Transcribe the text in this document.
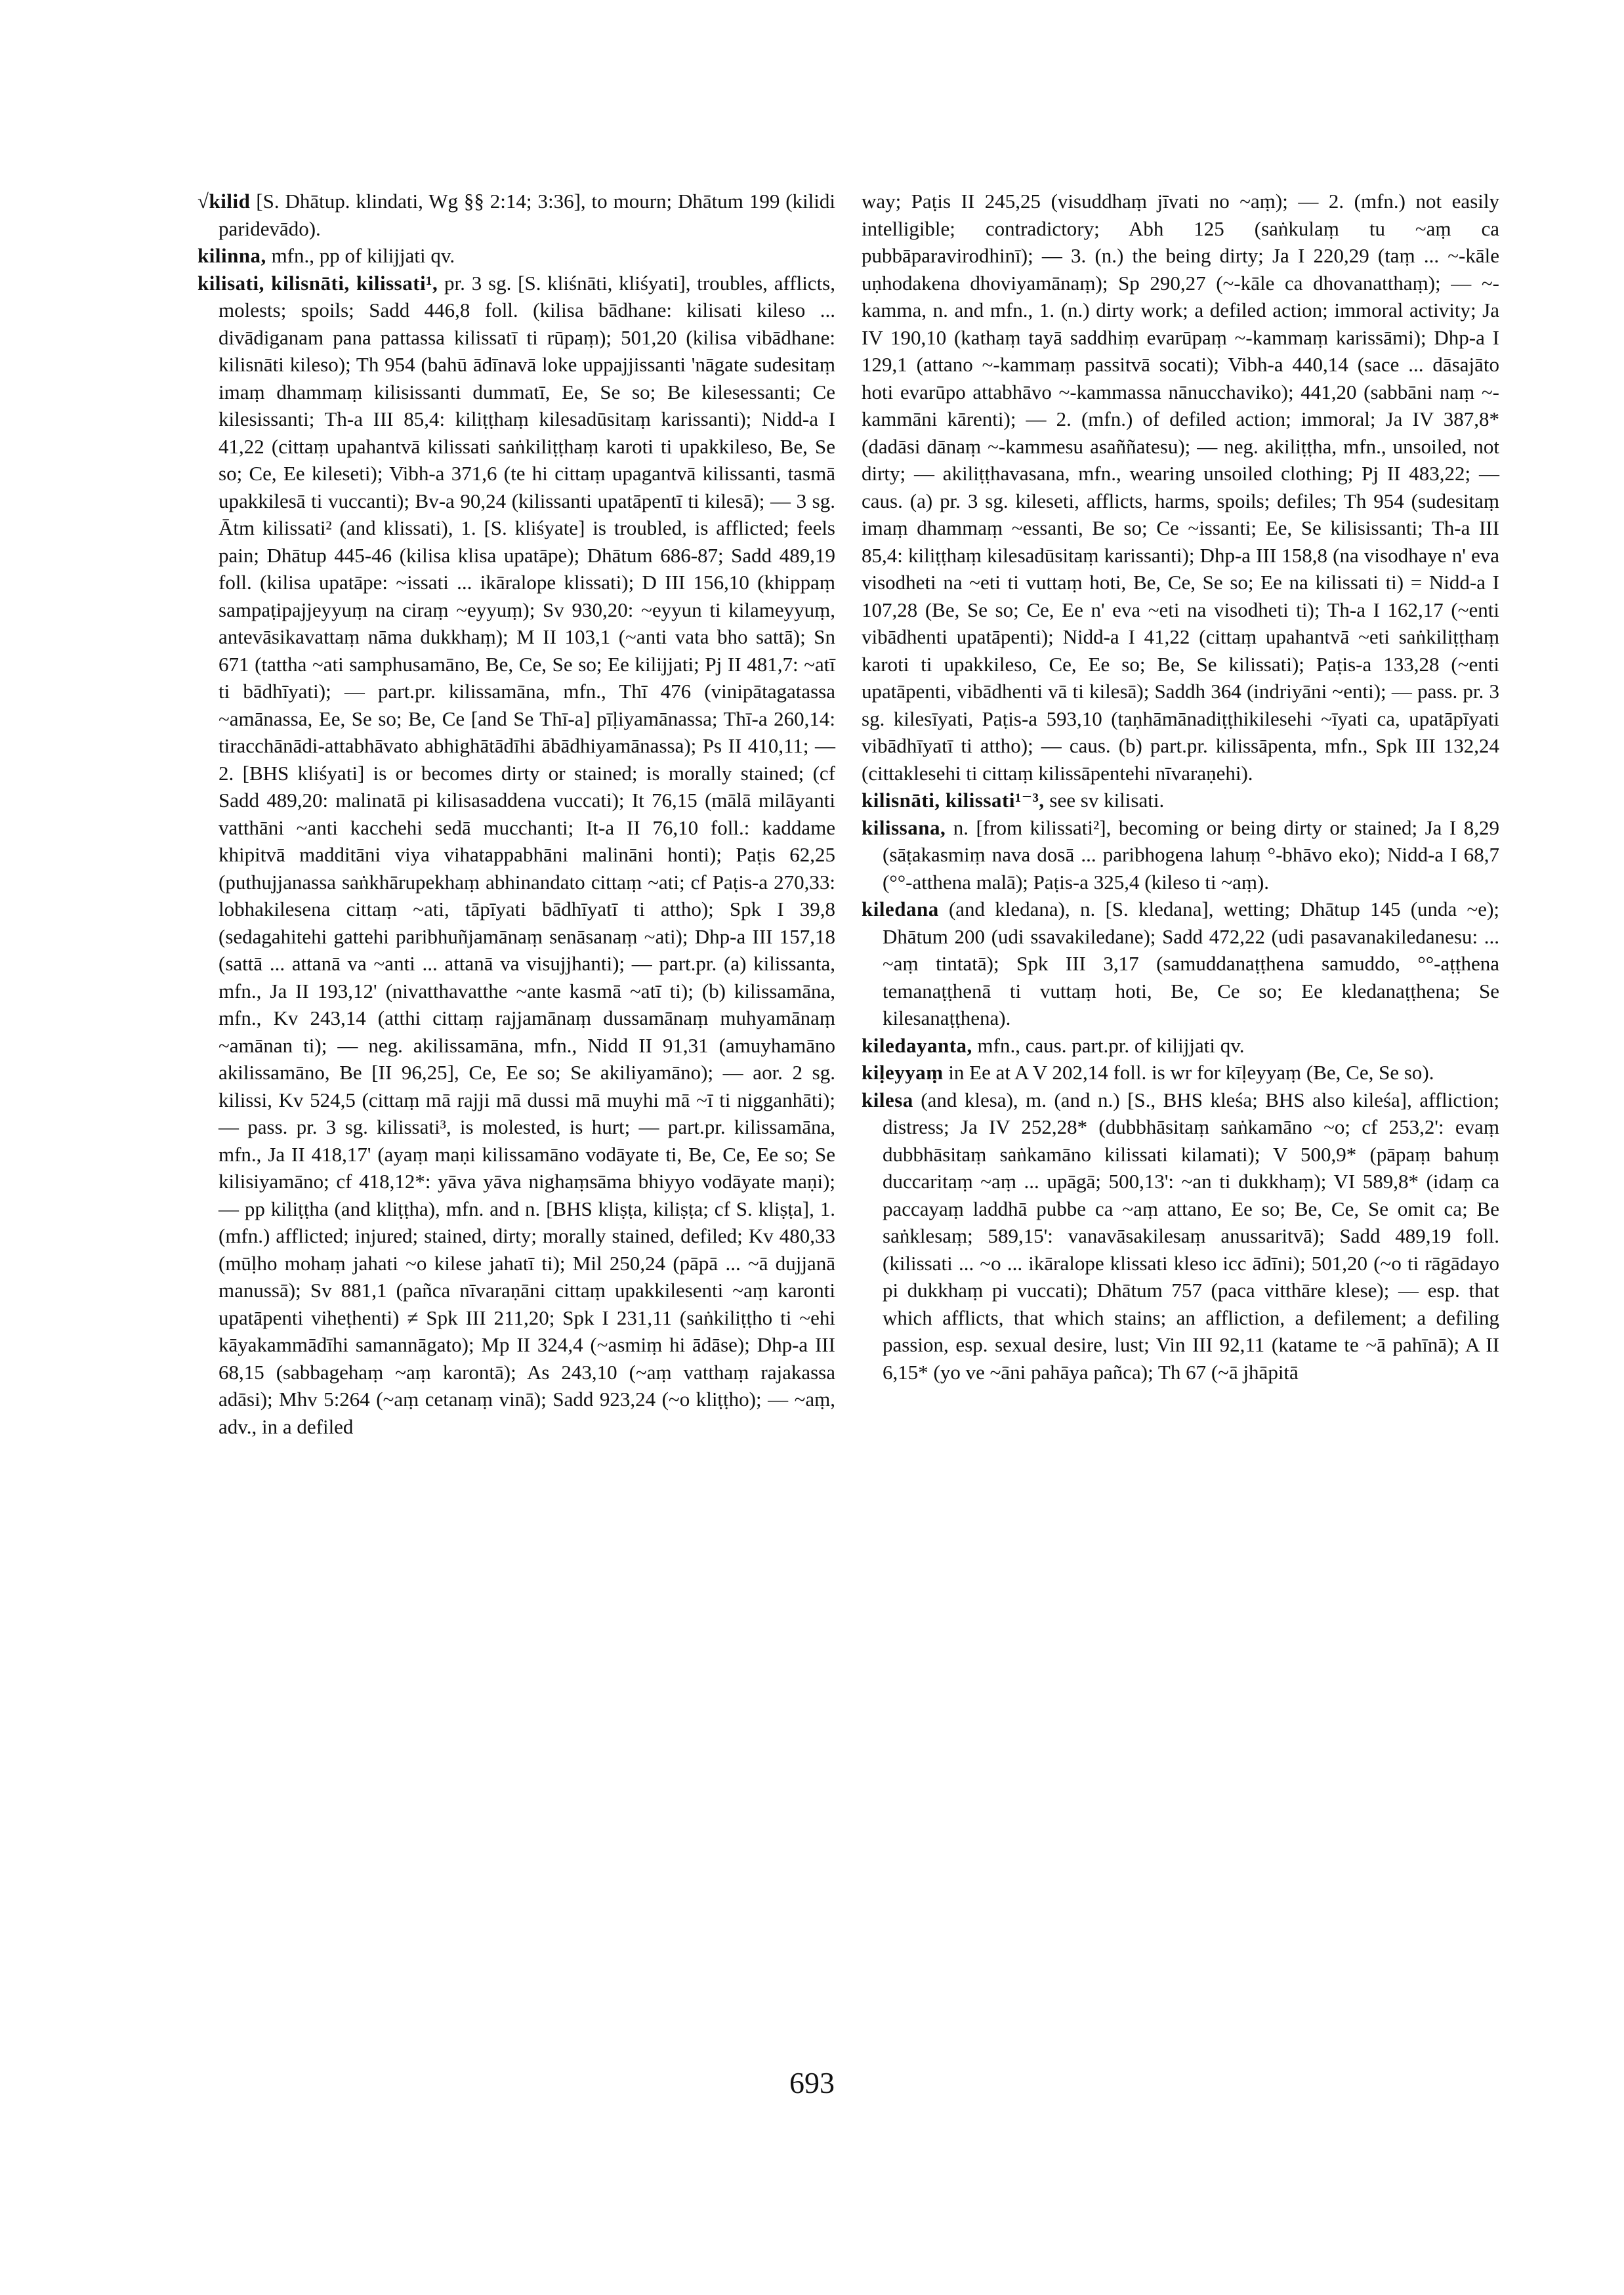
√kilid [S. Dhātup. klindati, Wg §§ 2:14; 3:36], to mourn; Dhātum 199 (kilidi paridevādo).

kilinna, mfn., pp of kilijjati qv.

kilisati, kilisnāti, kilissati¹, pr. 3 sg. [S. kliśnāti, kliśyati], troubles, afflicts, molests; spoils; Sadd 446,8 foll. (kilisa bādhane: kilisati kileso ... divādiganam pana pattassa kilissatī ti rūpaṃ); 501,20 (kilisa vibādhane: kilisnāti kileso); Th 954 (bahū ādīnavā loke uppajjissanti 'nāgate sudesitaṃ imaṃ dhammaṃ kilisissanti dummatī, Ee, Se so; Be kilesessanti; Ce kilesissanti; Th-a III 85,4: kiliṭṭhaṃ kilesadūsitaṃ karissanti); Nidd-a I 41,22 (cittaṃ upahantvā kilissati saṅkiliṭṭhaṃ karoti ti upakkileso, Be, Se so; Ce, Ee kileseti); Vibh-a 371,6 (te hi cittaṃ upagantvā kilissanti, tasmā upakkilesā ti vuccanti); Bv-a 90,24 (kilissanti upatāpentī ti kilesā); — 3 sg. Ātm kilissati² (and klissati), 1. [S. kliśyate] is troubled, is afflicted; feels pain; Dhātup 445-46 (kilisa klisa upatāpe); Dhātum 686-87; Sadd 489,19 foll. (kilisa upatāpe: ~issati ... ikāralope klissati); D III 156,10 (khippaṃ sampaṭipajjeyyuṃ na ciraṃ ~eyyuṃ); Sv 930,20: ~eyyun ti kilameyyuṃ, antevāsikavattaṃ nāma dukkhaṃ); M II 103,1 (~anti vata bho sattā); Sn 671 (tattha ~ati samphusamāno, Be, Ce, Se so; Ee kilijjati; Pj II 481,7: ~atī ti bādhīyati); — part.pr. kilissamāna, mfn., Thī 476 (vinipātagatassa ~amānassa, Ee, Se so; Be, Ce [and Se Thī-a] pīḷiyamānassa; Thī-a 260,14: tiracchānādi-attabhāvato abhighātādīhi ābādhiyamānassa); Ps II 410,11; — 2. [BHS kliśyati] is or becomes dirty or stained; is morally stained; (cf Sadd 489,20: malinatā pi kilisasaddena vuccati); It 76,15 (mālā milāyanti vatthāni ~anti kacchehi sedā mucchanti; It-a II 76,10 foll.: kaddame khipitvā madditāni viya vihatappabhāni malināni honti); Paṭis 62,25 (puthujjanassa saṅkhārupekhaṃ abhinandato cittaṃ ~ati; cf Paṭis-a 270,33: lobhakilesena cittaṃ ~ati, tāpīyati bādhīyatī ti attho); Spk I 39,8 (sedagahitehi gattehi paribhuñjamānaṃ senāsanaṃ ~ati); Dhp-a III 157,18 (sattā ... attanā va ~anti ... attanā va visujjhanti); — part.pr. (a) kilissanta, mfn., Ja II 193,12' (nivatthavatthe ~ante kasmā ~atī ti); (b) kilissamāna, mfn., Kv 243,14 (atthi cittaṃ rajjamānaṃ dussamānaṃ muhyamānaṃ ~amānan ti); — neg. akilissamāna, mfn., Nidd II 91,31 (amuyhamāno akilissamāno, Be [II 96,25], Ce, Ee so; Se akiliyamāno); — aor. 2 sg. kilissi, Kv 524,5 (cittaṃ mā rajji mā dussi mā muyhi mā ~ī ti nigganhāti); — pass. pr. 3 sg. kilissati³, is molested, is hurt; — part.pr. kilissamāna, mfn., Ja II 418,17' (ayaṃ maṇi kilissamāno vodāyate ti, Be, Ce, Ee so; Se kilisiyamāno; cf 418,12*: yāva yāva nighaṃsāma bhiyyo vodāyate maṇi); — pp kiliṭṭha (and kliṭṭha), mfn. and n. [BHS kliṣṭa, kiliṣṭa; cf S. kliṣṭa], 1. (mfn.) afflicted; injured; stained, dirty; morally stained, defiled; Kv 480,33 (mūḷho mohaṃ jahati ~o kilese jahatī ti); Mil 250,24 (pāpā ... ~ā dujjanā manussā); Sv 881,1 (pañca nīvaraṇāni cittaṃ upakkilesenti ~aṃ karonti upatāpenti viheṭhenti) ≠ Spk III 211,20; Spk I 231,11 (saṅkiliṭṭho ti ~ehi kāyakammādīhi samannāgato); Mp II 324,4 (~asmiṃ hi ādāse); Dhp-a III 68,15 (sabbagehaṃ ~aṃ karontā); As 243,10 (~aṃ vatthaṃ rajakassa adāsi); Mhv 5:264 (~aṃ cetanaṃ vinā); Sadd 923,24 (~o kliṭṭho); — ~aṃ, adv., in a defiled

way; Paṭis II 245,25 (visuddhaṃ jīvati no ~aṃ); — 2. (mfn.) not easily intelligible; contradictory; Abh 125 (saṅkulaṃ tu ~aṃ ca pubbāparavirodhinī); — 3. (n.) the being dirty; Ja I 220,29 (taṃ ... ~-kāle uṇhodakena dhoviyamānaṃ); Sp 290,27 (~-kāle ca dhovanatthaṃ); — ~-kamma, n. and mfn., 1. (n.) dirty work; a defiled action; immoral activity; Ja IV 190,10 (kathaṃ tayā saddhiṃ evarūpaṃ ~-kammaṃ karissāmi); Dhp-a I 129,1 (attano ~-kammaṃ passitvā socati); Vibh-a 440,14 (sace ... dāsajāto hoti evarūpo attabhāvo ~-kammassa nānucchaviko); 441,20 (sabbāni naṃ ~-kammāni kārenti); — 2. (mfn.) of defiled action; immoral; Ja IV 387,8* (dadāsi dānaṃ ~-kammesu asaññatesu); — neg. akiliṭṭha, mfn., unsoiled, not dirty; — akiliṭṭhavasana, mfn., wearing unsoiled clothing; Pj II 483,22; — caus. (a) pr. 3 sg. kileseti, afflicts, harms, spoils; defiles; Th 954 (sudesitaṃ imaṃ dhammaṃ ~essanti, Be so; Ce ~issanti; Ee, Se kilisissanti; Th-a III 85,4: kiliṭṭhaṃ kilesadūsitaṃ karissanti); Dhp-a III 158,8 (na visodhaye n' eva visodheti na ~eti ti vuttaṃ hoti, Be, Ce, Se so; Ee na kilissati ti) = Nidd-a I 107,28 (Be, Se so; Ce, Ee n' eva ~eti na visodheti ti); Th-a I 162,17 (~enti vibādhenti upatāpenti); Nidd-a I 41,22 (cittaṃ upahantvā ~eti saṅkiliṭṭhaṃ karoti ti upakkileso, Ce, Ee so; Be, Se kilissati); Paṭis-a 133,28 (~enti upatāpenti, vibādhenti vā ti kilesā); Saddh 364 (indriyāni ~enti); — pass. pr. 3 sg. kilesīyati, Paṭis-a 593,10 (taṇhāmānadiṭṭhikilesehi ~īyati ca, upatāpīyati vibādhīyatī ti attho); — caus. (b) part.pr. kilissāpenta, mfn., Spk III 132,24 (cittaklesehi ti cittaṃ kilissāpentehi nīvaraṇehi).

kilisnāti, kilissati¹⁻³, see sv kilisati.

kilissana, n. [from kilissati²], becoming or being dirty or stained; Ja I 8,29 (sāṭakasmiṃ nava dosā ... paribhogena lahuṃ °-bhāvo eko); Nidd-a I 68,7 (°°-atthena malā); Paṭis-a 325,4 (kileso ti ~aṃ).

kiledana (and kledana), n. [S. kledana], wetting; Dhātup 145 (unda ~e); Dhātum 200 (udi ssavakiledane); Sadd 472,22 (udi pasavanakiledanesu: ... ~aṃ tintatā); Spk III 3,17 (samuddanaṭṭhena samuddo, °°-aṭṭhena temanaṭṭhenā ti vuttaṃ hoti, Be, Ce so; Ee kledanaṭṭhena; Se kilesanaṭṭhena).

kiledayanta, mfn., caus. part.pr. of kilijjati qv.

kiḷeyyaṃ in Ee at A V 202,14 foll. is wr for kīḷeyyaṃ (Be, Ce, Se so).

kilesa (and klesa), m. (and n.) [S., BHS kleśa; BHS also kileśa], affliction; distress; Ja IV 252,28* (dubbhāsitaṃ saṅkamāno ~o; cf 253,2': evaṃ dubbhāsitaṃ saṅkamāno kilissati kilamati); V 500,9* (pāpaṃ bahuṃ duccaritaṃ ~aṃ ... upāgā; 500,13': ~an ti dukkhaṃ); VI 589,8* (idaṃ ca paccayaṃ laddhā pubbe ca ~aṃ attano, Ee so; Be, Ce, Se omit ca; Be saṅklesaṃ; 589,15': vanavāsakilesaṃ anussaritvā); Sadd 489,19 foll. (kilissati ... ~o ... ikāralope klissati kleso icc ādīni); 501,20 (~o ti rāgādayo pi dukkhaṃ pi vuccati); Dhātum 757 (paca vitthāre klese); — esp. that which afflicts, that which stains; an affliction, a defilement; a defiling passion, esp. sexual desire, lust; Vin III 92,11 (katame te ~ā pahīnā); A II 6,15* (yo ve ~āni pahāya pañca); Th 67 (~ā jhāpitā

693
